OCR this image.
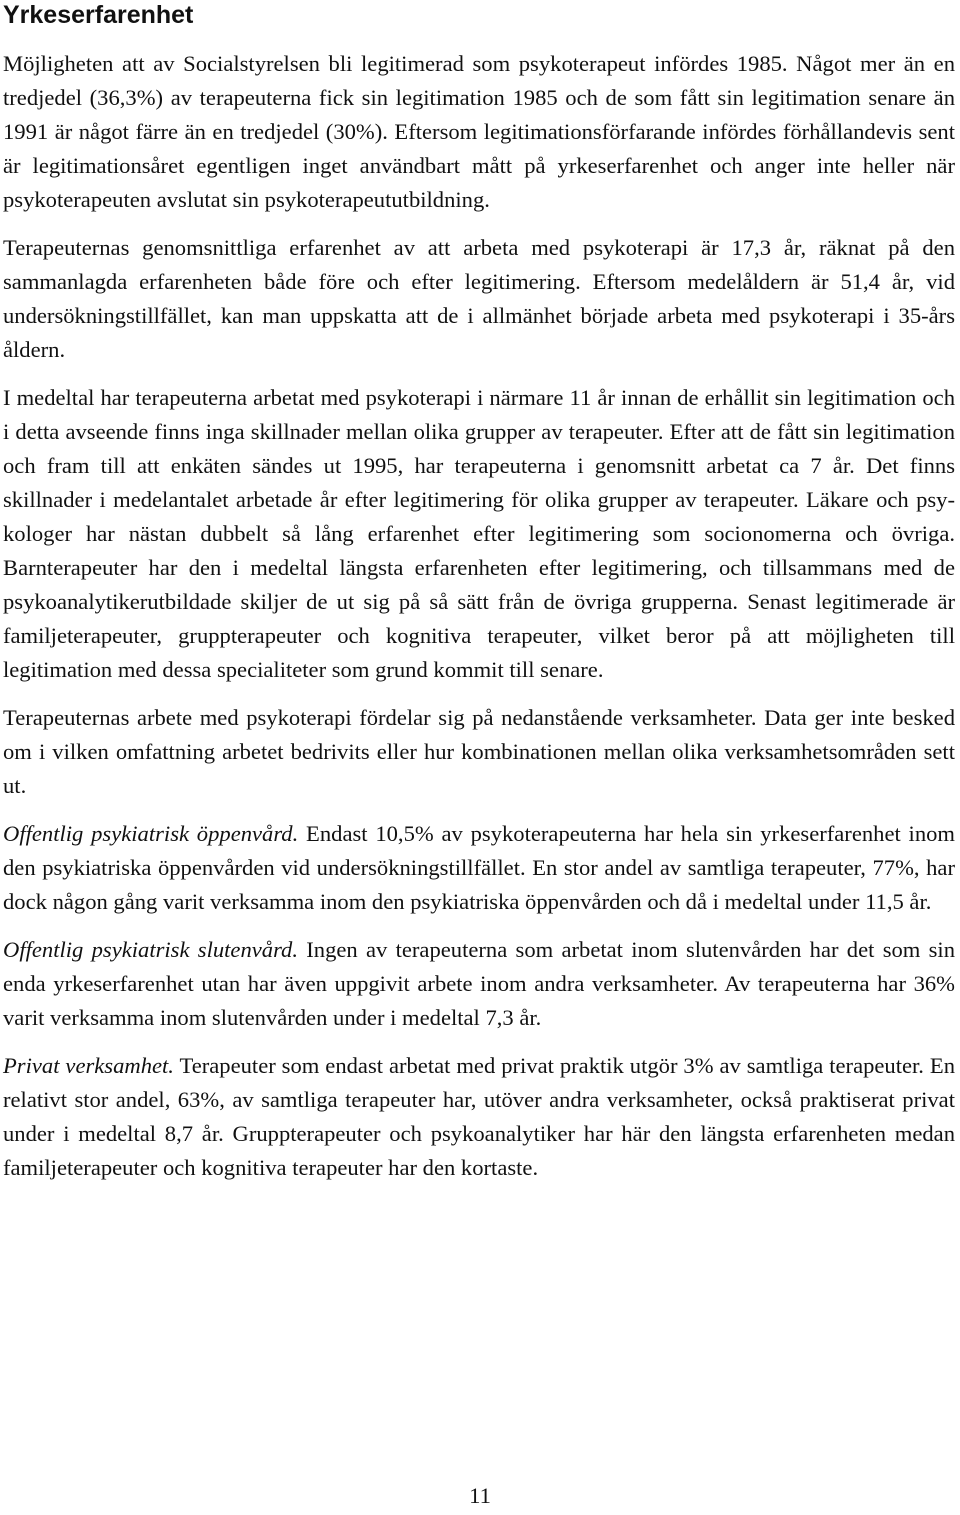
Yrkeserfarenhet

Möjligheten att av Socialstyrelsen bli legitimerad som psykoterapeut infördes 1985. Något mer än en tredjedel (36,3%) av terapeuterna fick sin legitimation 1985 och de som fått sin legitimation senare än 1991 är något färre än en tredjedel (30%). Eftersom legitimationsförfarande infördes förhållandevis sent är legitimationsåret egentligen inget användbart mått på yrkeserfarenhet och anger inte heller när psykoterapeuten avslutat sin psykoterapeututbildning.

Terapeuternas genomsnittliga erfarenhet av att arbeta med psykoterapi är 17,3 år, räknat på den sammanlagda erfarenheten både före och efter legitimering. Eftersom medelåldern är 51,4 år, vid undersökningstillfället, kan man uppskatta att de i allmänhet började arbeta med psykoterapi i 35-års åldern.

I medeltal har terapeuterna arbetat med psykoterapi i närmare 11 år innan de erhållit sin legitimation och i detta avseende finns inga skillnader mellan olika grupper av terapeuter. Efter att de fått sin legitimation och fram till att enkäten sändes ut 1995, har terapeuterna i genomsnitt arbetat ca 7 år. Det finns skillnader i medelantalet arbetade år efter legitimering för olika grupper av terapeuter. Läkare och psykologer har nästan dubbelt så lång erfarenhet efter legitimering som socionomerna och övriga. Barnterapeuter har den i medeltal längsta erfarenheten efter legitimering, och tillsammans med de psykoanalytikerutbildade skiljer de ut sig på så sätt från de övriga grupperna. Senast legitimerade är familjeterapeuter, gruppterapeuter och kognitiva terapeuter, vilket beror på att möjligheten till legitimation med dessa specialiteter som grund kommit till senare.

Terapeuternas arbete med psykoterapi fördelar sig på nedanstående verksamheter. Data ger inte besked om i vilken omfattning arbetet bedrivits eller hur kombinationen mellan olika verksamhetsområden sett ut.

Offentlig psykiatrisk öppenvård. Endast 10,5% av psykoterapeuterna har hela sin yrkeserfarenhet inom den psykiatriska öppenvården vid undersökningstillfället. En stor andel av samtliga terapeuter, 77%, har dock någon gång varit verksamma inom den psykiatriska öppenvården och då i medeltal under 11,5 år.

Offentlig psykiatrisk slutenvård. Ingen av terapeuterna som arbetat inom slutenvården har det som sin enda yrkeserfarenhet utan har även uppgivit arbete inom andra verksamheter. Av terapeuterna har 36% varit verksamma inom slutenvården under i medeltal 7,3 år.

Privat verksamhet. Terapeuter som endast arbetat med privat praktik utgör 3% av samtliga terapeuter. En relativt stor andel, 63%, av samtliga terapeuter har, utöver andra verksamheter, också praktiserat privat under i medeltal 8,7 år. Gruppterapeuter och psykoanalytiker har här den längsta erfarenheten medan familjeterapeuter och kognitiva terapeuter har den kortaste.

11
